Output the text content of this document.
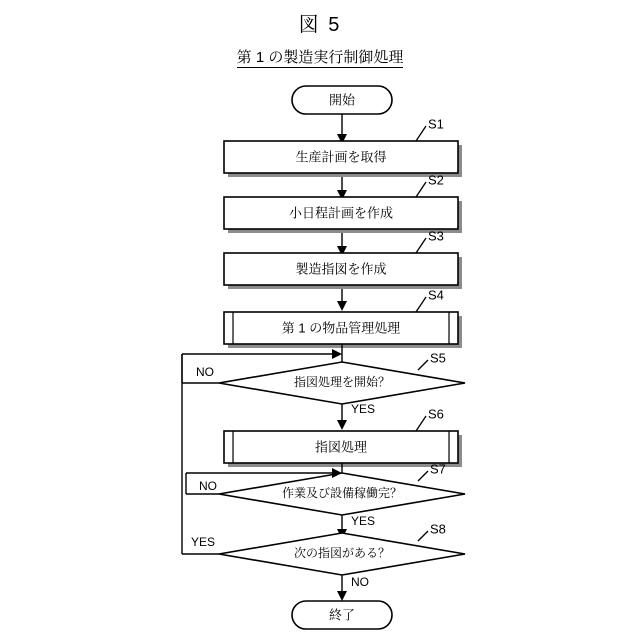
図 5
第 1 の製造実行制御処理
開始
生産計画を取得
S1
小日程計画を作成
S2
製造指図を作成
S3
第 1 の物品管理処理
S4
指図処理を開始？
S5
NO
YES
指図処理
S6
作業及び設備稼働完？
S7
NO
YES
次の指図がある？
S8
YES
NO
終了
